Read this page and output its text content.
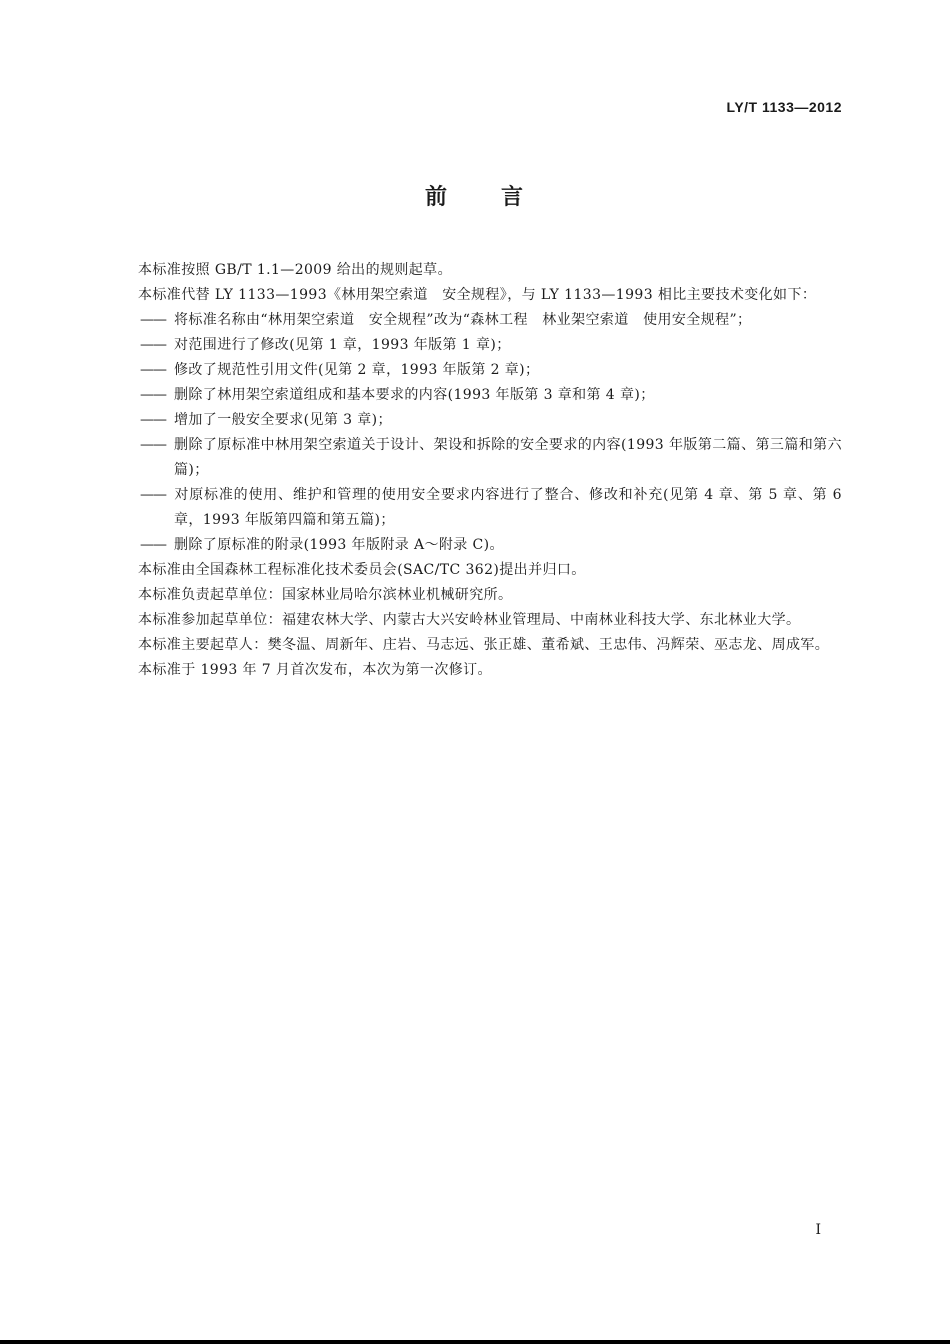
LY/T 1133—2012
前 言

本标准按照 GB/T 1.1—2009 给出的规则起草。

本标准代替 LY 1133—1993《林用架空索道　安全规程》，与 LY 1133—1993 相比主要技术变化如下：

—— 将标准名称由“林用架空索道　安全规程”改为“森林工程　林业架空索道　使用安全规程”；

—— 对范围进行了修改(见第 1 章，1993 年版第 1 章)；

—— 修改了规范性引用文件(见第 2 章，1993 年版第 2 章)；

—— 删除了林用架空索道组成和基本要求的内容(1993 年版第 3 章和第 4 章)；

—— 增加了一般安全要求(见第 3 章)；

—— 删除了原标准中林用架空索道关于设计、架设和拆除的安全要求的内容(1993 年版第二篇、第三篇和第六篇)；

—— 对原标准的使用、维护和管理的使用安全要求内容进行了整合、修改和补充(见第 4 章、第 5 章、第 6 章，1993 年版第四篇和第五篇)；

—— 删除了原标准的附录(1993 年版附录 A～附录 C)。

本标准由全国森林工程标准化技术委员会(SAC/TC 362)提出并归口。

本标准负责起草单位：国家林业局哈尔滨林业机械研究所。

本标准参加起草单位：福建农林大学、内蒙古大兴安岭林业管理局、中南林业科技大学、东北林业大学。

本标准主要起草人：樊冬温、周新年、庄岩、马志远、张正雄、董希斌、王忠伟、冯辉荣、巫志龙、周成军。

本标准于 1993 年 7 月首次发布，本次为第一次修订。

I
